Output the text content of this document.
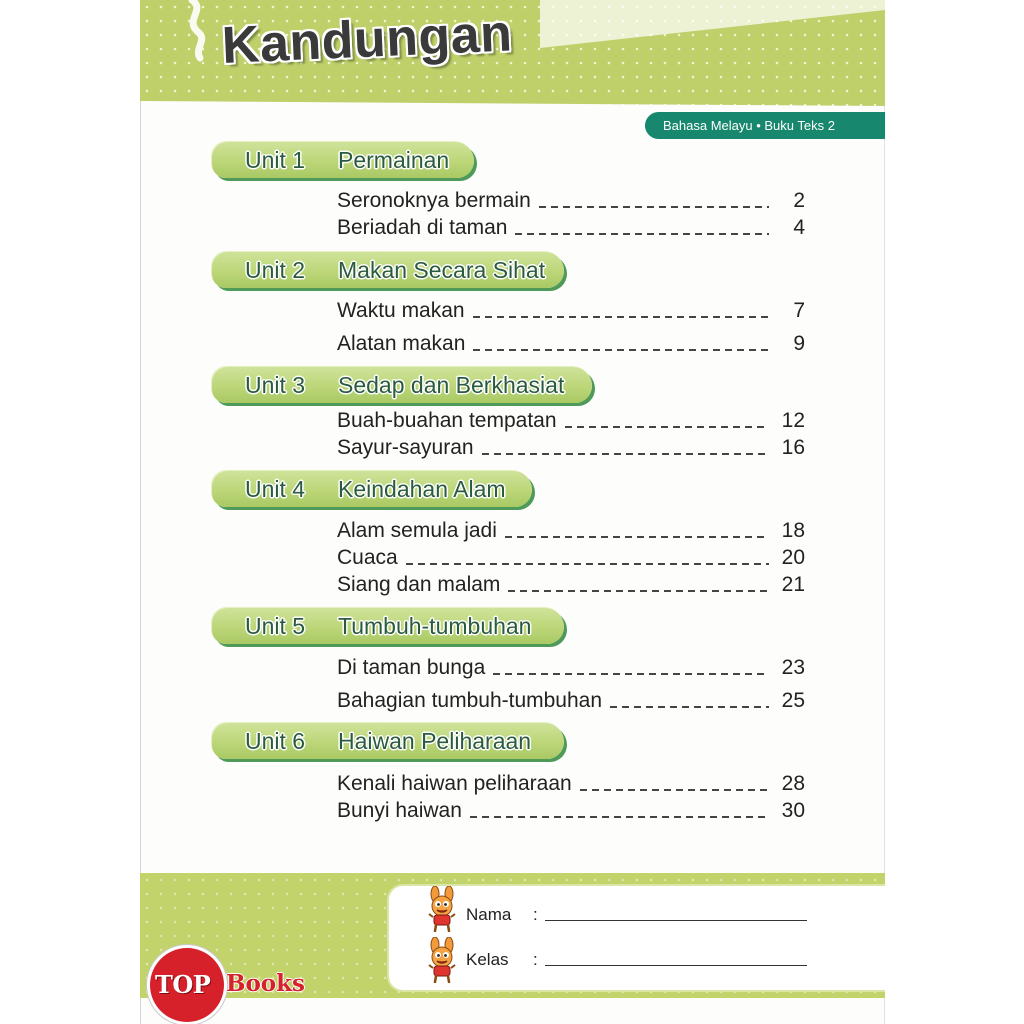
Kandungan
Bahasa Melayu • Buku Teks 2
Unit 1 Permainan
Seronoknya bermain	2
Beriadah di taman	4
Unit 2 Makan Secara Sihat
Waktu makan	7
Alatan makan	9
Unit 3 Sedap dan Berkhasiat
Buah-buahan tempatan	12
Sayur-sayuran	16
Unit 4 Keindahan Alam
Alam semula jadi	18
Cuaca	20
Siang dan malam	21
Unit 5 Tumbuh-tumbuhan
Di taman bunga	23
Bahagian tumbuh-tumbuhan	25
Unit 6 Haiwan Peliharaan
Kenali haiwan peliharaan	28
Bunyi haiwan	30
Nama :
Kelas :
TOP Books
